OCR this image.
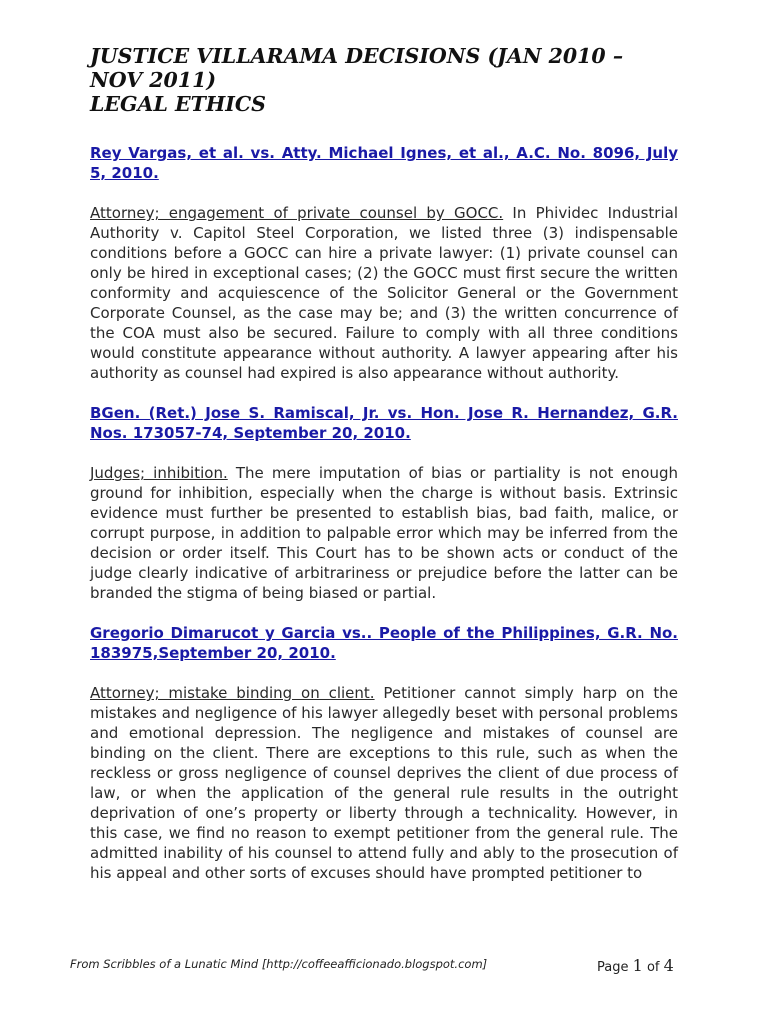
JUSTICE VILLARAMA DECISIONS (JAN 2010 – NOV 2011)
LEGAL ETHICS
Rey Vargas, et al. vs. Atty. Michael Ignes, et al., A.C. No. 8096, July 5, 2010.

Attorney; engagement of private counsel by GOCC. In Phividec Industrial Authority v. Capitol Steel Corporation, we listed three (3) indispensable conditions before a GOCC can hire a private lawyer: (1) private counsel can only be hired in exceptional cases; (2) the GOCC must first secure the written conformity and acquiescence of the Solicitor General or the Government Corporate Counsel, as the case may be; and (3) the written concurrence of the COA must also be secured. Failure to comply with all three conditions would constitute appearance without authority. A lawyer appearing after his authority as counsel had expired is also appearance without authority.

BGen. (Ret.) Jose S. Ramiscal, Jr. vs. Hon. Jose R. Hernandez, G.R. Nos. 173057-74, September 20, 2010.

Judges; inhibition. The mere imputation of bias or partiality is not enough ground for inhibition, especially when the charge is without basis. Extrinsic evidence must further be presented to establish bias, bad faith, malice, or corrupt purpose, in addition to palpable error which may be inferred from the decision or order itself. This Court has to be shown acts or conduct of the judge clearly indicative of arbitrariness or prejudice before the latter can be branded the stigma of being biased or partial.

Gregorio Dimarucot y Garcia vs.. People of the Philippines, G.R. No. 183975,September 20, 2010.

Attorney; mistake binding on client. Petitioner cannot simply harp on the mistakes and negligence of his lawyer allegedly beset with personal problems and emotional depression. The negligence and mistakes of counsel are binding on the client. There are exceptions to this rule, such as when the reckless or gross negligence of counsel deprives the client of due process of law, or when the application of the general rule results in the outright deprivation of one’s property or liberty through a technicality. However, in this case, we find no reason to exempt petitioner from the general rule. The admitted inability of his counsel to attend fully and ably to the prosecution of his appeal and other sorts of excuses should have prompted petitioner to

From Scribbles of a Lunatic Mind [http://coffeeafficionado.blogspot.com]	Page 1 of 4
